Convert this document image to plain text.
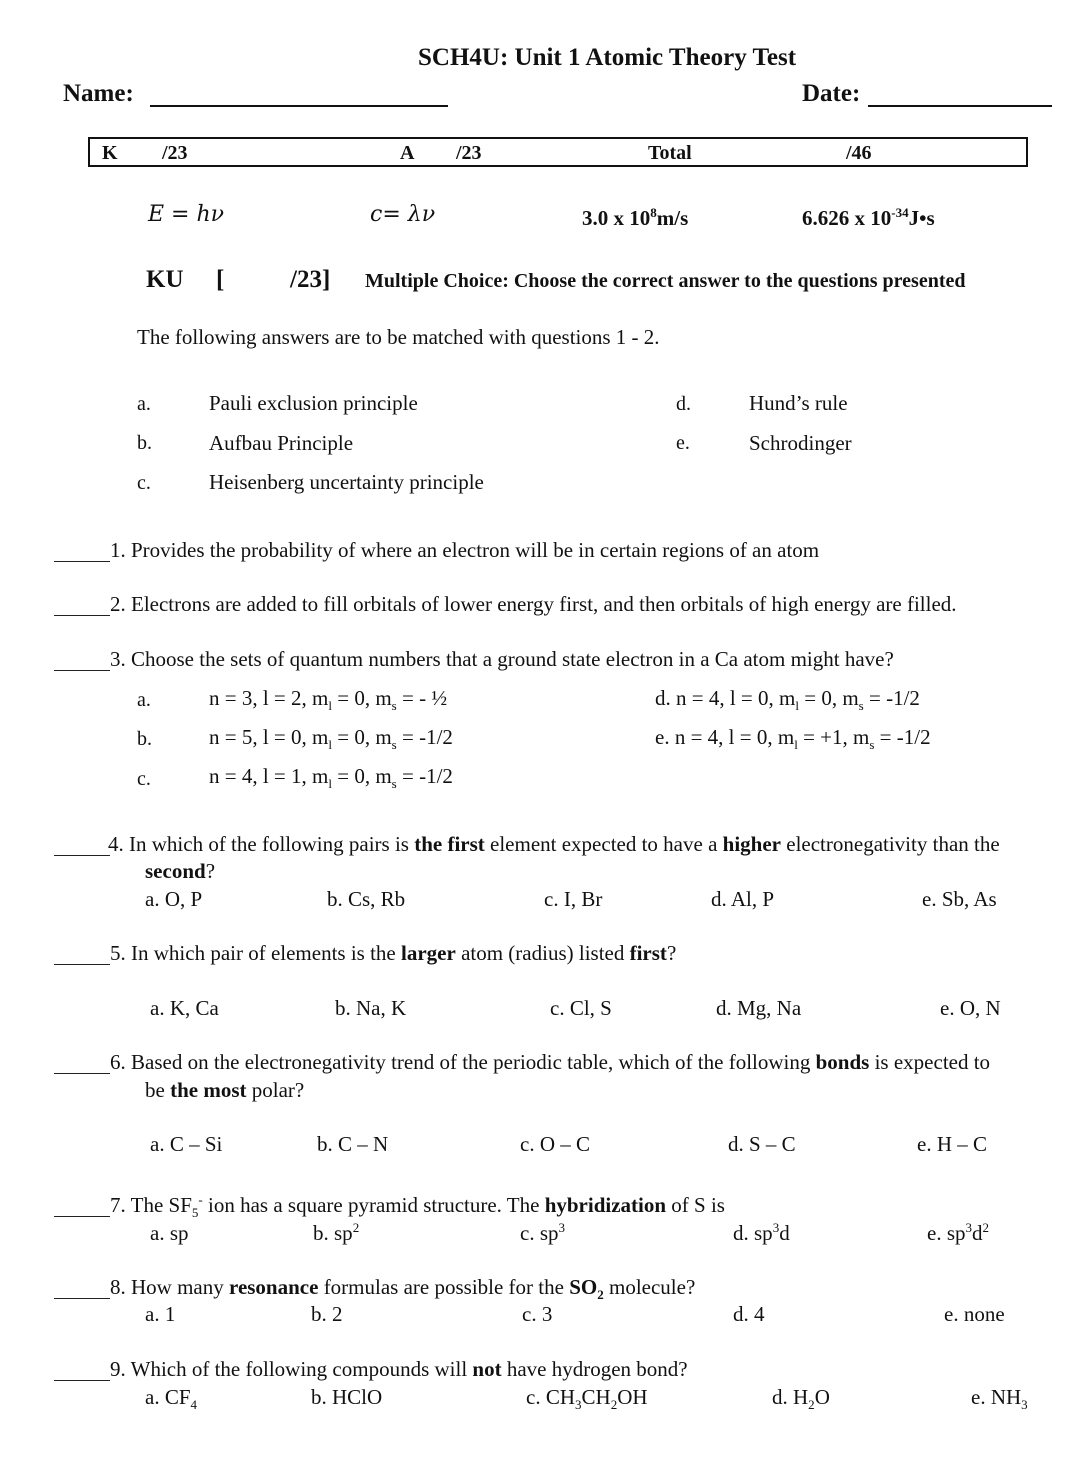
SCH4U: Unit 1 Atomic Theory Test
Name:	Date:
K /23	A /23	Total	/46
E = hν	c= λν	3.0 x $10^8m/s$	6.626 x $10^{-34}J•s$
KU [	/23] Multiple Choice: Choose the correct answer to the questions presented
The following answers are to be matched with questions 1 - 2.
a.	Pauli exclusion principle
b.	Aufbau Principle
c.	Heisenberg uncertainty principle
d.	Hund’s rule
e.	Schrodinger
1. Provides the probability of where an electron will be in certain regions of an atom
2. Electrons are added to fill orbitals of lower energy first, and then orbitals of high energy are filled.
3. Choose the sets of quantum numbers that a ground state electron in a Ca atom might have?
a.	n = 3, l = 2, $m_l = 0$, $m_s$ = - ½
b.	n = 5, l = 0, $m_l = 0$, $m_s = -1/2$
c.	n = 4, l = 1, $m_l = 0$, $m_s = -1/2$
d. n = 4, l = 0, $m_l = 0$, $m_s = -1/2$
e. n = 4, l = 0, $m_l = +1$, $m_s = -1/2$
4. In which of the following pairs is the first element expected to have a higher electronegativity than the
second?
a. O, P	b. Cs, Rb	c. I, Br	d. Al, P	e. Sb, As
5. In which pair of elements is the larger atom (radius) listed first?
a. K, Ca	b. Na, K	c. Cl, S	d. Mg, Na	e. O, N
6. Based on the electronegativity trend of the periodic table, which of the following bonds is expected to
be the most polar?
a. C – Si	b. C – N	c. O – C	d. S – C	e. H – C
7. The $SF_5^-$ ion has a square pyramid structure. The hybridization of S is
a. sp	b. $sp^2$	c. $sp^3$	d. $sp^3d$	e. $sp^3d^2$
8. How many resonance formulas are possible for the $SO_2$ molecule?
a. 1	b. 2	c. 3	d. 4	e. none
9. Which of the following compounds will not have hydrogen bond?
a. $CF_4$	b. HClO	c. $CH_3CH_2OH$	d. $H_2O$	e. $NH_3$
